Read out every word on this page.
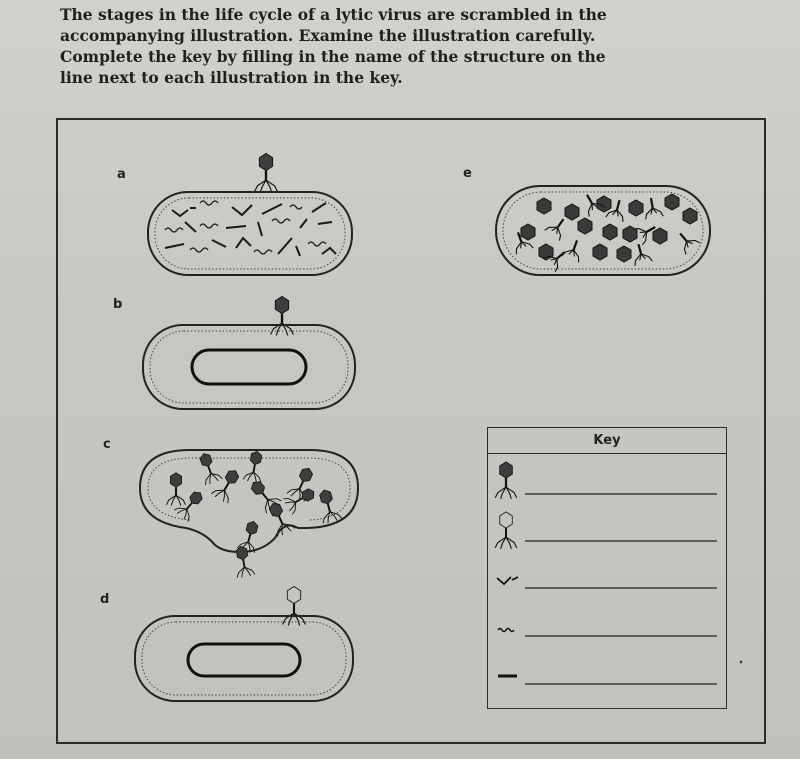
The stages in the life cycle of a lytic virus are scrambled in the accompanying illustration. Examine the illustration carefully. Complete the key by filling in the name of the structure on the line next to each illustration in the key.

a
b
c
d
e
Key
